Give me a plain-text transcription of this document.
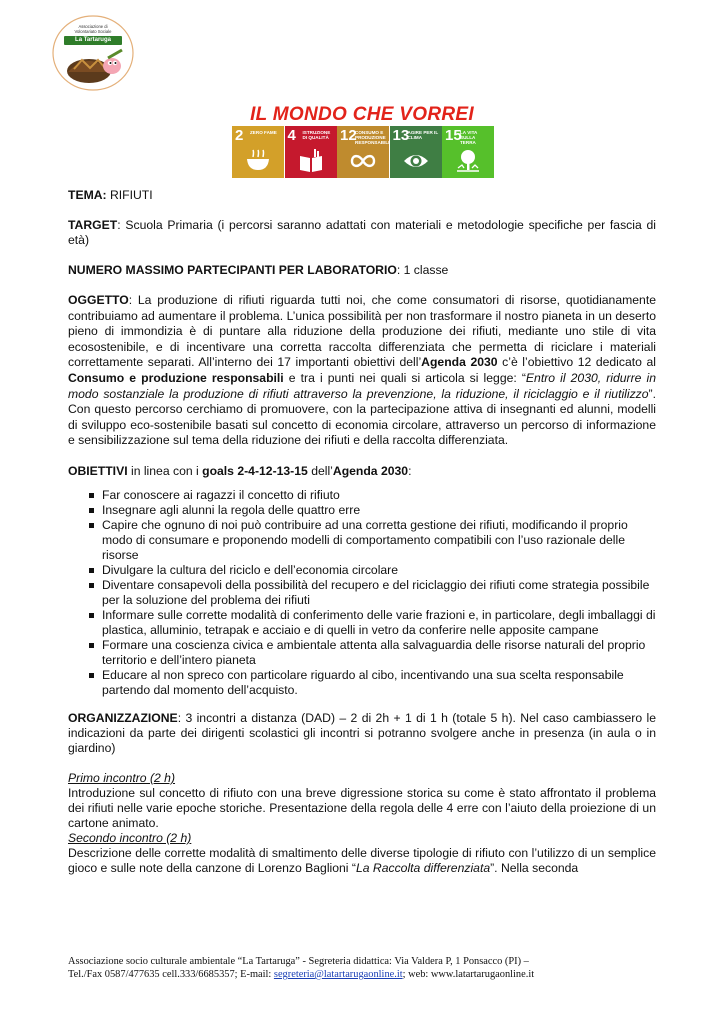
Associazione di
Volontariato Sociale
La Tartaruga
IL MONDO CHE VORREI
2 ZERO FAME 4 ISTRUZIONE DI QUALITÀ 12
CONSUMO E PRODUZIONE RESPONSABILI 13
AGIRE PER IL CLIMA	15
LA VITA SULLA TERRA

TEMA: RIFIUTI

TARGET: Scuola Primaria (i percorsi saranno adattati con materiali e metodologie specifiche per fascia di età)

NUMERO MASSIMO PARTECIPANTI PER LABORATORIO: 1 classe

OGGETTO: La produzione di rifiuti riguarda tutti noi, che come consumatori di risorse, quotidianamente contribuiamo ad aumentare il problema. L’unica possibilità per non trasformare il nostro pianeta in un deserto pieno di immondizia è di puntare alla riduzione della produzione dei rifiuti, mediante uno stile di vita ecosostenibile, e di incentivare una corretta raccolta differenziata che permetta di riciclare i materiali correttamente separati. All’interno dei 17 importanti obiettivi dell’Agenda 2030 c’è l’obiettivo 12 dedicato al Consumo e produzione responsabili e tra i punti nei quali si articola si legge: “Entro il 2030, ridurre in modo sostanziale la produzione di rifiuti attraverso la prevenzione, la riduzione, il riciclaggio e il riutilizzo”. Con questo percorso cerchiamo di promuovere, con la partecipazione attiva di insegnanti ed alunni, modelli di sviluppo eco-sostenibile basati sul concetto di economia circolare, attraverso un percorso di informazione e sensibilizzazione sul tema della riduzione dei rifiuti e della raccolta differenziata.

OBIETTIVI in linea con i goals 2-4-12-13-15 dell’Agenda 2030:

Far conoscere ai ragazzi il concetto di rifiuto
Insegnare agli alunni la regola delle quattro erre
Capire che ognuno di noi può contribuire ad una corretta gestione dei rifiuti, modificando il proprio modo di consumare e proponendo modelli di comportamento compatibili con l’uso razionale delle risorse
Divulgare la cultura del riciclo e dell’economia circolare
Diventare consapevoli della possibilità del recupero e del riciclaggio dei rifiuti come strategia possibile per la soluzione del problema dei rifiuti
Informare sulle corrette modalità di conferimento delle varie frazioni e, in particolare, degli imballaggi di plastica, alluminio, tetrapak e acciaio e di quelli in vetro da conferire nelle apposite campane
Formare una coscienza civica e ambientale attenta alla salvaguardia delle risorse naturali del proprio territorio e dell’intero pianeta
Educare al non spreco con particolare riguardo al cibo, incentivando una sua scelta responsabile partendo dal momento dell’acquisto.

ORGANIZZAZIONE: 3 incontri a distanza (DAD) – 2 di 2h + 1 di 1 h (totale 5 h). Nel caso cambiassero le indicazioni da parte dei dirigenti scolastici gli incontri si potranno svolgere anche in presenza (in aula o in giardino)

Primo incontro (2 h)

Introduzione sul concetto di rifiuto con una breve digressione storica su come è stato affrontato il problema dei rifiuti nelle varie epoche storiche. Presentazione della regola delle 4 erre con l’aiuto della proiezione di un cartone animato.

Secondo incontro (2 h)

Descrizione delle corrette modalità di smaltimento delle diverse tipologie di rifiuto con l’utilizzo di un semplice gioco e sulle note della canzone di Lorenzo Baglioni “La Raccolta differenziata”. Nella seconda

Associazione socio culturale ambientale “La Tartaruga” - Segreteria didattica: Via Valdera P, 1 Ponsacco (PI) –
Tel./Fax 0587/477635 cell.333/6685357; E-mail: segreteria@latartarugaonline.it; web: www.latartarugaonline.it
